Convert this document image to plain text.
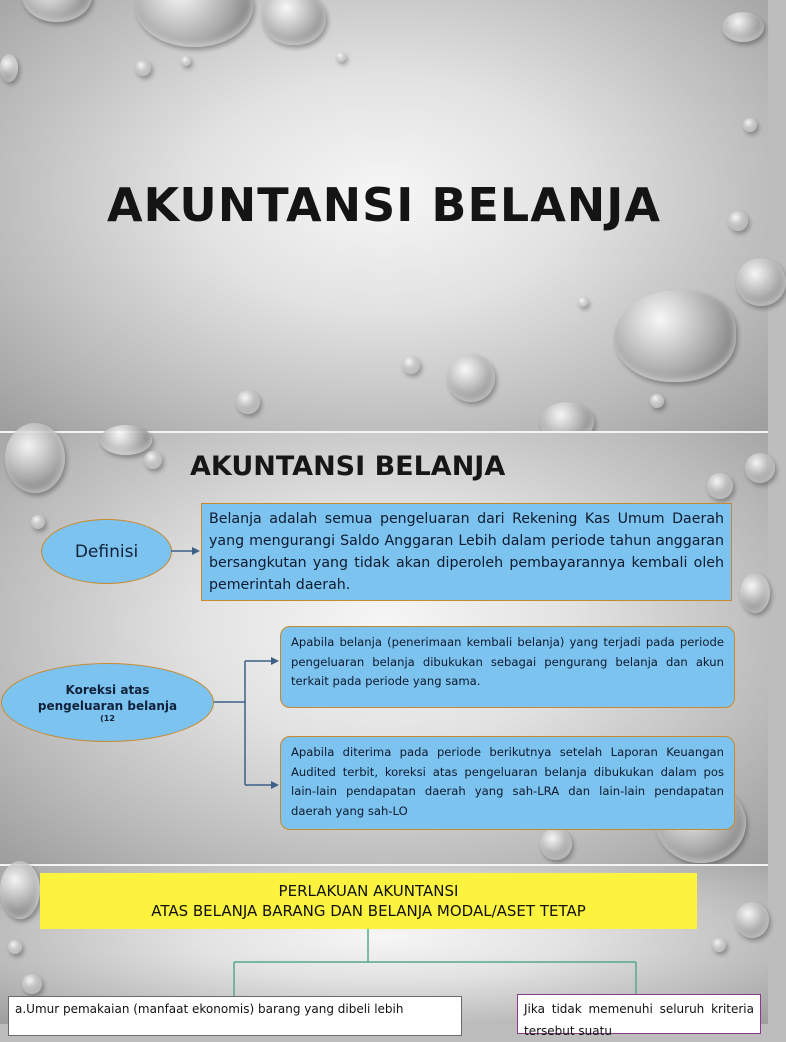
AKUNTANSI BELANJA
AKUNTANSI BELANJA
Definisi
Belanja adalah semua pengeluaran dari Rekening Kas Umum Daerah yang mengurangi Saldo Anggaran Lebih dalam periode tahun anggaran bersangkutan yang tidak akan diperoleh pembayarannya kembali oleh pemerintah daerah.
Koreksi atas
pengeluaran belanja
(12
Apabila belanja (penerimaan kembali belanja) yang terjadi pada periode pengeluaran belanja dibukukan sebagai pengurang belanja dan akun terkait pada periode yang sama.
Apabila diterima pada periode berikutnya setelah Laporan Keuangan Audited terbit, koreksi atas pengeluaran belanja dibukukan dalam pos lain-lain pendapatan daerah yang sah-LRA dan lain-lain pendapatan daerah yang sah-LO
PERLAKUAN AKUNTANSI
ATAS BELANJA BARANG DAN BELANJA MODAL/ASET TETAP
a.Umur pemakaian (manfaat ekonomis) barang yang dibeli lebih	Jika tidak memenuhi seluruh kriteria tersebut suatu
